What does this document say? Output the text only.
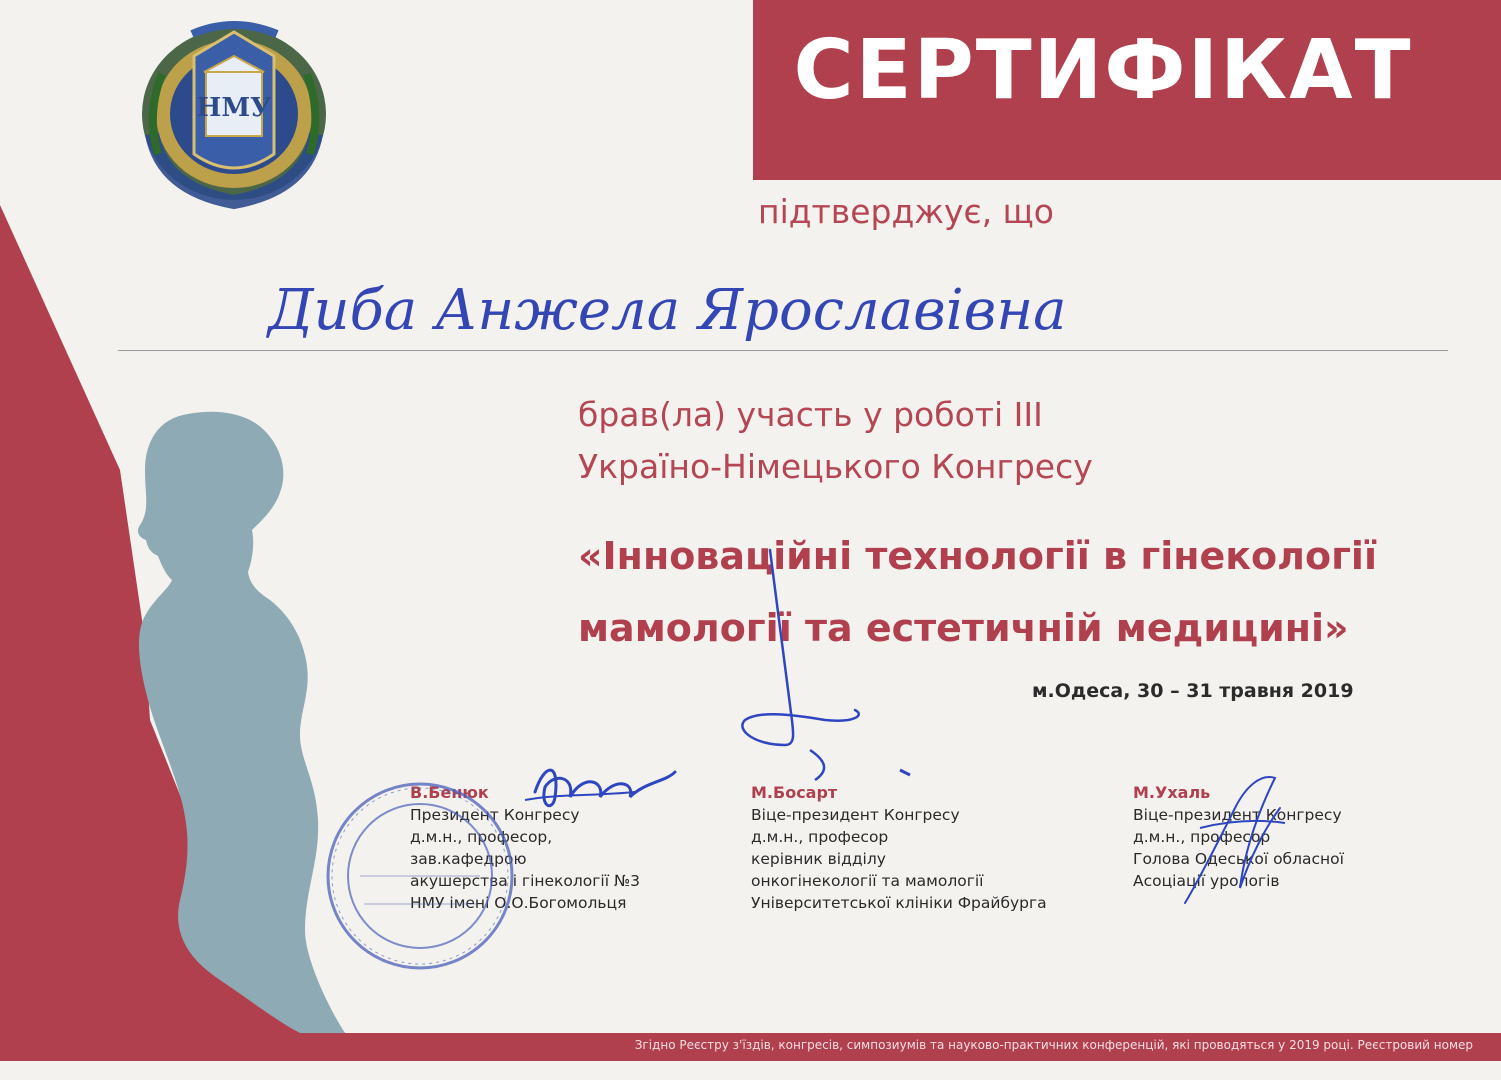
НМУ	СЕРТИФІКАТ
підтверджує, що
Диба Анжела Ярославівна
брав(ла) участь у роботі III
Україно-Німецького Конгресу
«Інноваційні технології в гінекології
мамології та естетичній медицині»
м.Одеса, 30 – 31 травня 2019
В.Бенюк
Президент Конгресу
д.м.н., професор,
зав.кафедрою
акушерства і гінекології №3
НМУ імені О.О.Богомольця
М.Босарт
Віце-президент Конгресу
д.м.н., професор
керівник відділу
онкогінекології та мамології
Університетської клініки Фрайбурга
М.Ухаль
Віце-президент Конгресу
д.м.н., професор
Голова Одеської обласної
Асоціації урологів
Згідно Реєстру з'їздів, конгресів, симпозиумів та науково-практичних конференцій, які проводяться у 2019 році. Реєстровий номер
